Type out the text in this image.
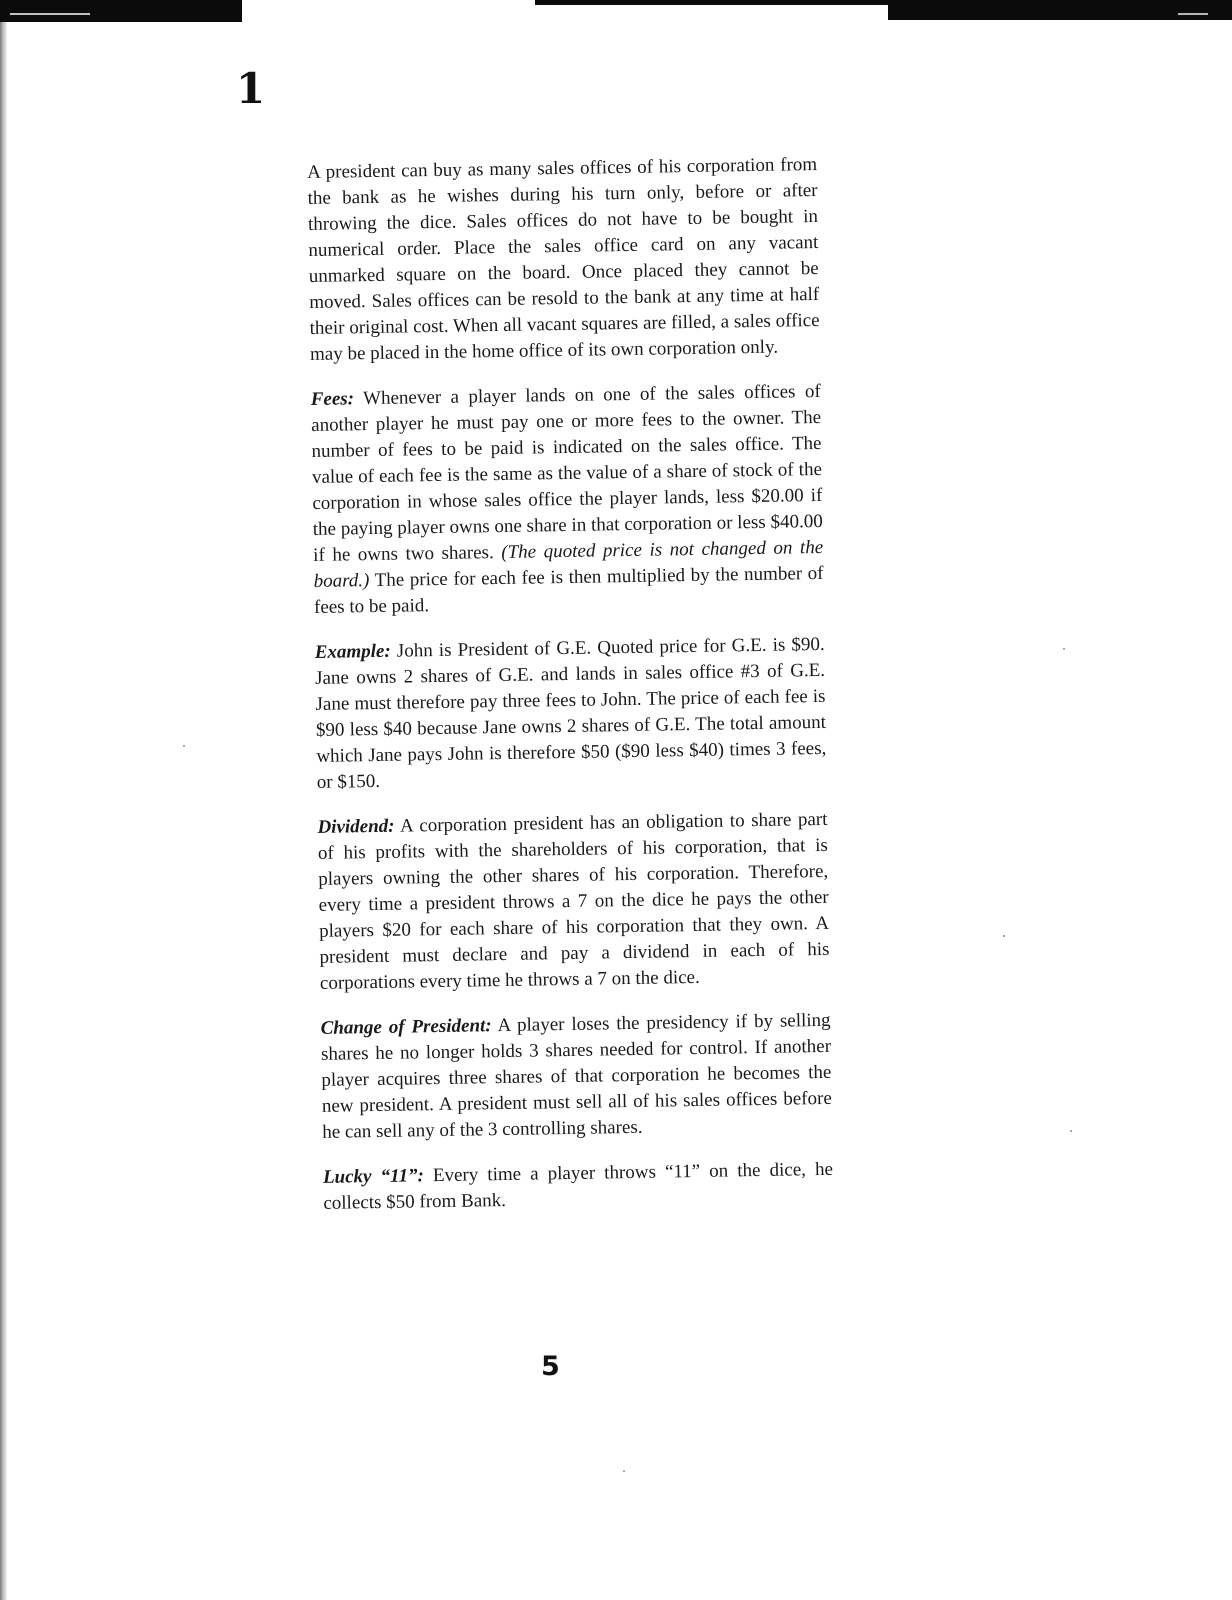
1

A president can buy as many sales offices of his corporation from the bank as he wishes during his turn only, before or after throwing the dice. Sales offices do not have to be bought in numerical order. Place the sales office card on any vacant unmarked square on the board. Once placed they cannot be moved. Sales offices can be resold to the bank at any time at half their original cost. When all vacant squares are filled, a sales office may be placed in the home office of its own corporation only.

Fees: Whenever a player lands on one of the sales offices of another player he must pay one or more fees to the owner. The number of fees to be paid is indicated on the sales office. The value of each fee is the same as the value of a share of stock of the corporation in whose sales office the player lands, less $20.00 if the paying player owns one share in that corporation or less $40.00 if he owns two shares. (The quoted price is not changed on the board.) The price for each fee is then multiplied by the number of fees to be paid.

Example: John is President of G.E. Quoted price for G.E. is $90. Jane owns 2 shares of G.E. and lands in sales office #3 of G.E. Jane must therefore pay three fees to John. The price of each fee is $90 less $40 because Jane owns 2 shares of G.E. The total amount which Jane pays John is therefore $50 ($90 less $40) times 3 fees, or $150.

Dividend: A corporation president has an obligation to share part of his profits with the shareholders of his corporation, that is players owning the other shares of his corporation. Therefore, every time a president throws a 7 on the dice he pays the other players $20 for each share of his corporation that they own. A president must declare and pay a dividend in each of his corporations every time he throws a 7 on the dice.

Change of President: A player loses the presidency if by selling shares he no longer holds 3 shares needed for control. If another player acquires three shares of that corporation he becomes the new president. A president must sell all of his sales offices before he can sell any of the 3 controlling shares.

Lucky “11”: Every time a player throws “11” on the dice, he collects $50 from Bank.

5
